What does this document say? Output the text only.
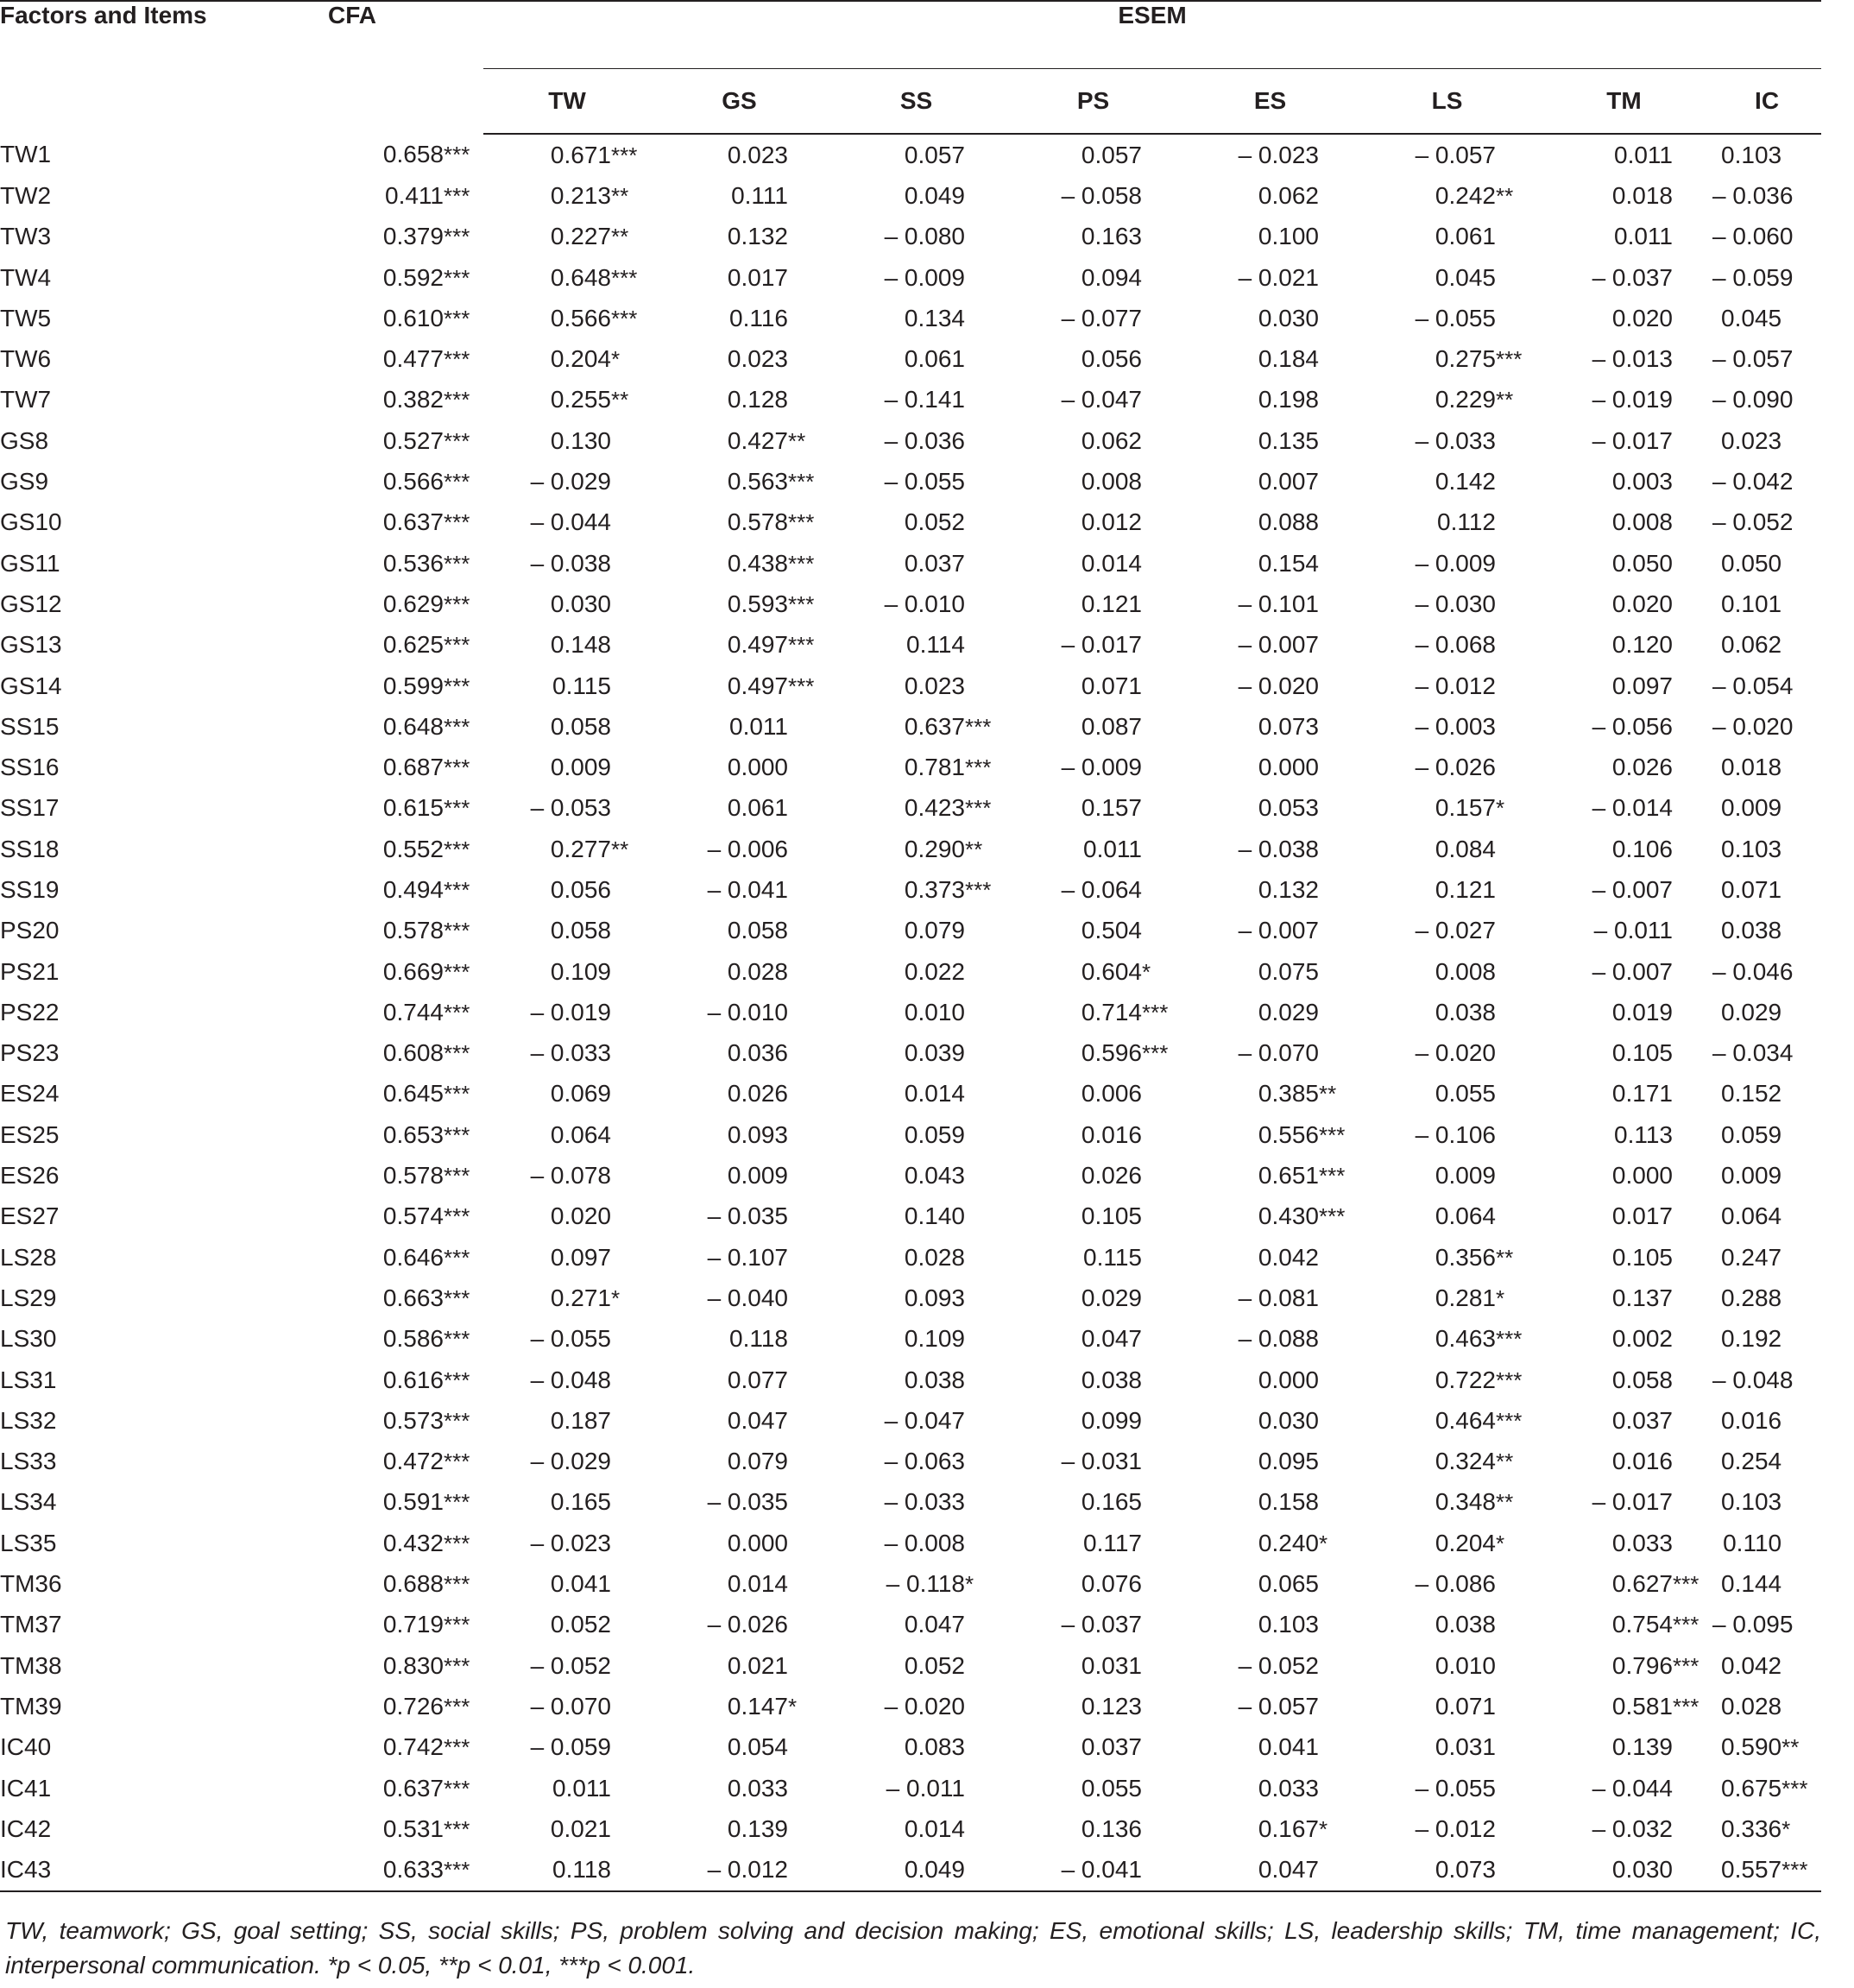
Factors and Items	CFA	ESEM							
		TW	GS	SS	PS	ES	LS	TM	IC
TW1	0.658***	0.671***	0.023	0.057	0.057	– 0.023	– 0.057	0.011	0.103
TW2	0.411***	0.213**	0.111	0.049	– 0.058	0.062	0.242**	0.018	– 0.036
TW3	0.379***	0.227**	0.132	– 0.080	0.163	0.100	0.061	0.011	– 0.060
TW4	0.592***	0.648***	0.017	– 0.009	0.094	– 0.021	0.045	– 0.037	– 0.059
TW5	0.610***	0.566***	0.116	0.134	– 0.077	0.030	– 0.055	0.020	0.045
TW6	0.477***	0.204*	0.023	0.061	0.056	0.184	0.275***	– 0.013	– 0.057
TW7	0.382***	0.255**	0.128	– 0.141	– 0.047	0.198	0.229**	– 0.019	– 0.090
GS8	0.527***	0.130	0.427**	– 0.036	0.062	0.135	– 0.033	– 0.017	0.023
GS9	0.566***	– 0.029	0.563***	– 0.055	0.008	0.007	0.142	0.003	– 0.042
GS10	0.637***	– 0.044	0.578***	0.052	0.012	0.088	0.112	0.008	– 0.052
GS11	0.536***	– 0.038	0.438***	0.037	0.014	0.154	– 0.009	0.050	0.050
GS12	0.629***	0.030	0.593***	– 0.010	0.121	– 0.101	– 0.030	0.020	0.101
GS13	0.625***	0.148	0.497***	0.114	– 0.017	– 0.007	– 0.068	0.120	0.062
GS14	0.599***	0.115	0.497***	0.023	0.071	– 0.020	– 0.012	0.097	– 0.054
SS15	0.648***	0.058	0.011	0.637***	0.087	0.073	– 0.003	– 0.056	– 0.020
SS16	0.687***	0.009	0.000	0.781***	– 0.009	0.000	– 0.026	0.026	0.018
SS17	0.615***	– 0.053	0.061	0.423***	0.157	0.053	0.157*	– 0.014	0.009
SS18	0.552***	0.277**	– 0.006	0.290**	0.011	– 0.038	0.084	0.106	0.103
SS19	0.494***	0.056	– 0.041	0.373***	– 0.064	0.132	0.121	– 0.007	0.071
PS20	0.578***	0.058	0.058	0.079	0.504	– 0.007	– 0.027	– 0.011	0.038
PS21	0.669***	0.109	0.028	0.022	0.604*	0.075	0.008	– 0.007	– 0.046
PS22	0.744***	– 0.019	– 0.010	0.010	0.714***	0.029	0.038	0.019	0.029
PS23	0.608***	– 0.033	0.036	0.039	0.596***	– 0.070	– 0.020	0.105	– 0.034
ES24	0.645***	0.069	0.026	0.014	0.006	0.385**	0.055	0.171	0.152
ES25	0.653***	0.064	0.093	0.059	0.016	0.556***	– 0.106	0.113	0.059
ES26	0.578***	– 0.078	0.009	0.043	0.026	0.651***	0.009	0.000	0.009
ES27	0.574***	0.020	– 0.035	0.140	0.105	0.430***	0.064	0.017	0.064
LS28	0.646***	0.097	– 0.107	0.028	0.115	0.042	0.356**	0.105	0.247
LS29	0.663***	0.271*	– 0.040	0.093	0.029	– 0.081	0.281*	0.137	0.288
LS30	0.586***	– 0.055	0.118	0.109	0.047	– 0.088	0.463***	0.002	0.192
LS31	0.616***	– 0.048	0.077	0.038	0.038	0.000	0.722***	0.058	– 0.048
LS32	0.573***	0.187	0.047	– 0.047	0.099	0.030	0.464***	0.037	0.016
LS33	0.472***	– 0.029	0.079	– 0.063	– 0.031	0.095	0.324**	0.016	0.254
LS34	0.591***	0.165	– 0.035	– 0.033	0.165	0.158	0.348**	– 0.017	0.103
LS35	0.432***	– 0.023	0.000	– 0.008	0.117	0.240*	0.204*	0.033	0.110
TM36	0.688***	0.041	0.014	– 0.118*	0.076	0.065	– 0.086	0.627***	0.144
TM37	0.719***	0.052	– 0.026	0.047	– 0.037	0.103	0.038	0.754***	– 0.095
TM38	0.830***	– 0.052	0.021	0.052	0.031	– 0.052	0.010	0.796***	0.042
TM39	0.726***	– 0.070	0.147*	– 0.020	0.123	– 0.057	0.071	0.581***	0.028
IC40	0.742***	– 0.059	0.054	0.083	0.037	0.041	0.031	0.139	0.590**
IC41	0.637***	0.011	0.033	– 0.011	0.055	0.033	– 0.055	– 0.044	0.675***
IC42	0.531***	0.021	0.139	0.014	0.136	0.167*	– 0.012	– 0.032	0.336*
IC43	0.633***	0.118	– 0.012	0.049	– 0.041	0.047	0.073	0.030	0.557***
TW, teamwork; GS, goal setting; SS, social skills; PS, problem solving and decision making; ES, emotional skills; LS, leadership skills; TM, time management; IC, interpersonal communication. *p < 0.05, **p < 0.01, ***p < 0.001.
